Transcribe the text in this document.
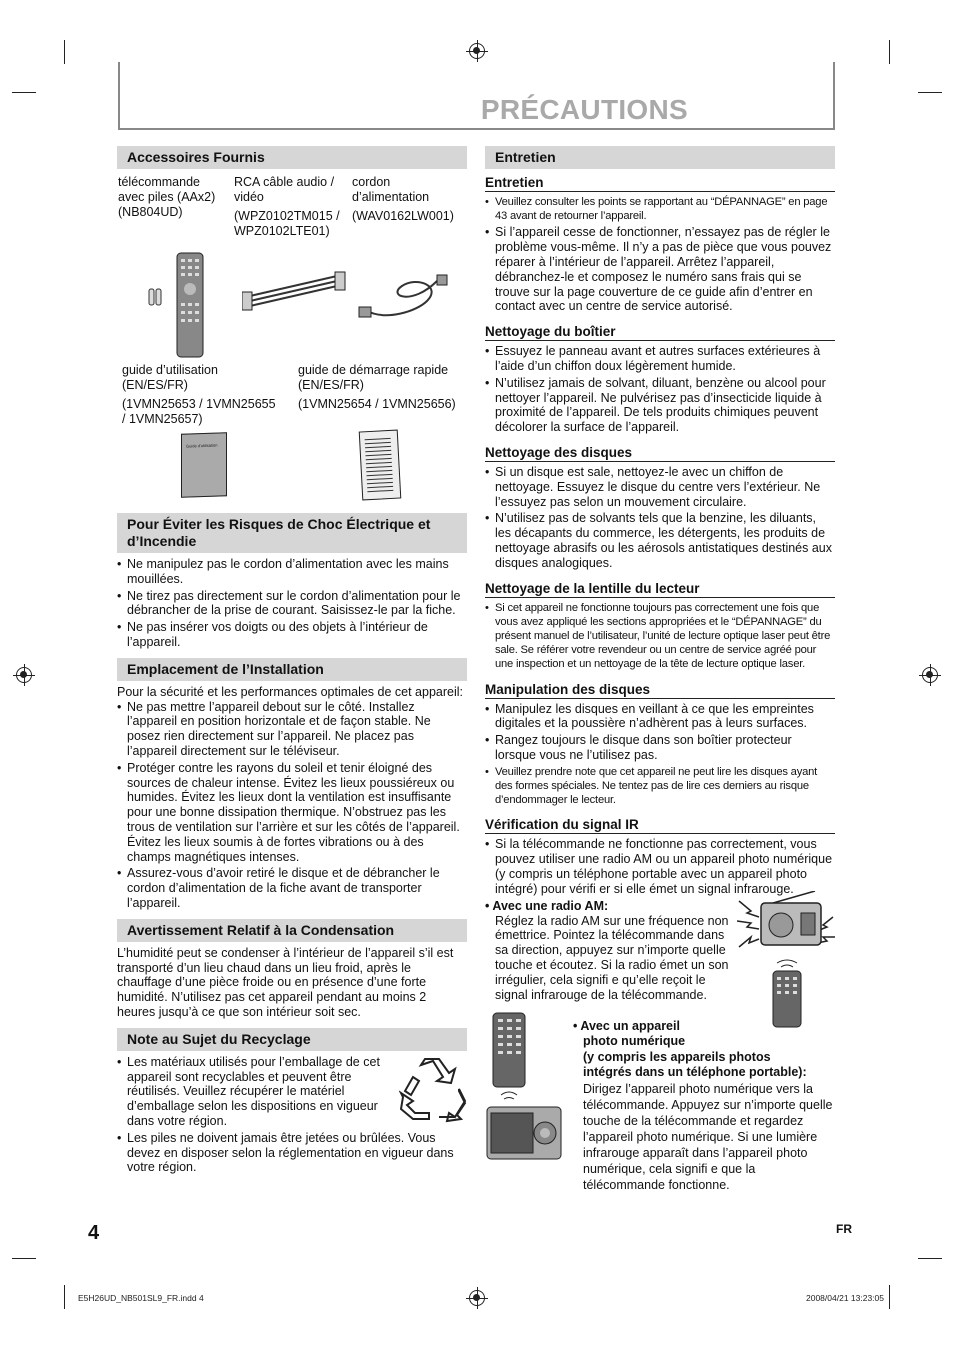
PRÉCAUTIONS
Accessoires Fournis
télécommande
avec piles (AAx2)
(NB804UD)
RCA câble audio /
vidéo
(WPZ0102TM015 /
WPZ0102LTE01)
cordon
d’alimentation
(WAV0162LW001)
guide d’utilisation
(EN/ES/FR)
(1VMN25653 / 1VMN25655
/ 1VMN25657)
guide de démarrage rapide
(EN/ES/FR)
(1VMN25654 / 1VMN25656)
Guide d'utilisation
Pour Éviter les Risques de Choc Électrique et d’Incendie
• Ne manipulez pas le cordon d’alimentation avec les mains mouillées.
• Ne tirez pas directement sur le cordon d’alimentation pour le débrancher de la prise de courant. Saisissez-le par la fiche.
• Ne pas insérer vos doigts ou des objets à l’intérieur de l’appareil.
Emplacement de l’Installation

Pour la sécurité et les performances optimales de cet appareil:

• Ne pas mettre l’appareil debout sur le côté. Installez l’appareil en position horizontale et de façon stable. Ne posez rien directement sur l’appareil. Ne placez pas l’appareil directement sur le téléviseur.
• Protéger contre les rayons du soleil et tenir éloigné des sources de chaleur intense. Évitez les lieux poussiéreux ou humides. Évitez les lieux dont la ventilation est insuffisante pour une bonne dissipation thermique. N’obstruez pas les trous de ventilation sur l’arrière et sur les côtés de l’appareil. Évitez les lieux soumis à de fortes vibrations ou à des champs magnétiques intenses.
• Assurez-vous d’avoir retiré le disque et de débrancher le cordon d’alimentation de la fiche avant de transporter l’appareil.
Avertissement Relatif à la Condensation

L’humidité peut se condenser à l’intérieur de l’appareil s’il est transporté d’un lieu chaud dans un lieu froid, après le chauffage d’une pièce froide ou en présence d’une forte humidité. N’utilisez pas cet appareil pendant au moins 2 heures jusqu’à ce que son intérieur soit sec.

Note au Sujet du Recyclage
• Les matériaux utilisés pour l’emballage de cet appareil sont recyclables et peuvent être réutilisés. Veuillez récupérer le matériel d’emballage selon les dispositions en vigueur dans votre région.
• Les piles ne doivent jamais être jetées ou brûlées. Vous devez en disposer selon la réglementation en vigueur dans votre région.
Entretien
Entretien
• Veuillez consulter les points se rapportant au “DÉPANNAGE” en page 43 avant de retourner l’appareil.
• Si l’appareil cesse de fonctionner, n’essayez pas de régler le problème vous-même. Il n’y a pas de pièce que vous pouvez réparer à l’intérieur de l’appareil. Arrêtez l’appareil, débranchez-le et composez le numéro sans frais qui se trouve sur la page couverture de ce guide afin d’entrer en contact avec un centre de service autorisé.
Nettoyage du boîtier
• Essuyez le panneau avant et autres surfaces extérieures à l’aide d’un chiffon doux légèrement humide.
• N’utilisez jamais de solvant, diluant, benzène ou alcool pour nettoyer l’appareil. Ne pulvérisez pas d’insecticide liquide à proximité de l’appareil. De tels produits chimiques peuvent décolorer la surface de l’appareil.
Nettoyage des disques
• Si un disque est sale, nettoyez-le avec un chiffon de nettoyage. Essuyez le disque du centre vers l’extérieur. Ne l’essuyez pas selon un mouvement circulaire.
• N’utilisez pas de solvants tels que la benzine, les diluants, les décapants du commerce, les détergents, les produits de nettoyage abrasifs ou les aérosols antistatiques destinés aux disques analogiques.
Nettoyage de la lentille du lecteur
• Si cet appareil ne fonctionne toujours pas correctement une fois que vous avez appliqué les sections appropriées et le “DÉPANNAGE” du présent manuel de l’utilisateur, l’unité de lecture optique laser peut être sale. Se référer votre revendeur ou un centre de service agréé pour une inspection et un nettoyage de la tête de lecture optique laser.
Manipulation des disques
• Manipulez les disques en veillant à ce que les empreintes digitales et la poussière n’adhèrent pas à leurs surfaces.
• Rangez toujours le disque dans son boîtier protecteur lorsque vous ne l’utilisez pas.
• Veuillez prendre note que cet appareil ne peut lire les disques ayant des formes spéciales. Ne tentez pas de lire ces derniers au risque d’endommager le lecteur.
Vérification du signal IR
• Si la télécommande ne fonctionne pas correctement, vous pouvez utiliser une radio AM ou un appareil photo numérique (y compris un téléphone portable avec un appareil photo intégré) pour vérifi er si elle émet un signal infrarouge.
• Avec une radio AM:

Réglez la radio AM sur une fréquence non émettrice. Pointez la télécommande dans sa direction, appuyez sur n’importe quelle touche et écoutez. Si la radio émet un son irrégulier, cela signifi e qu’elle reçoit le signal infrarouge de la télécommande.

• Avec un appareil
photo numérique
(y compris les appareils photos
intégrés dans un téléphone portable):

Dirigez l’appareil photo numérique vers la télécommande. Appuyez sur n’importe quelle touche de la télécommande et regardez l’appareil photo numérique. Si une lumière infrarouge apparaît dans l’appareil photo numérique, cela signifi e que la télécommande fonctionne.

4	FR
E5H26UD_NB501SL9_FR.indd 4	2008/04/21 13:23:05
